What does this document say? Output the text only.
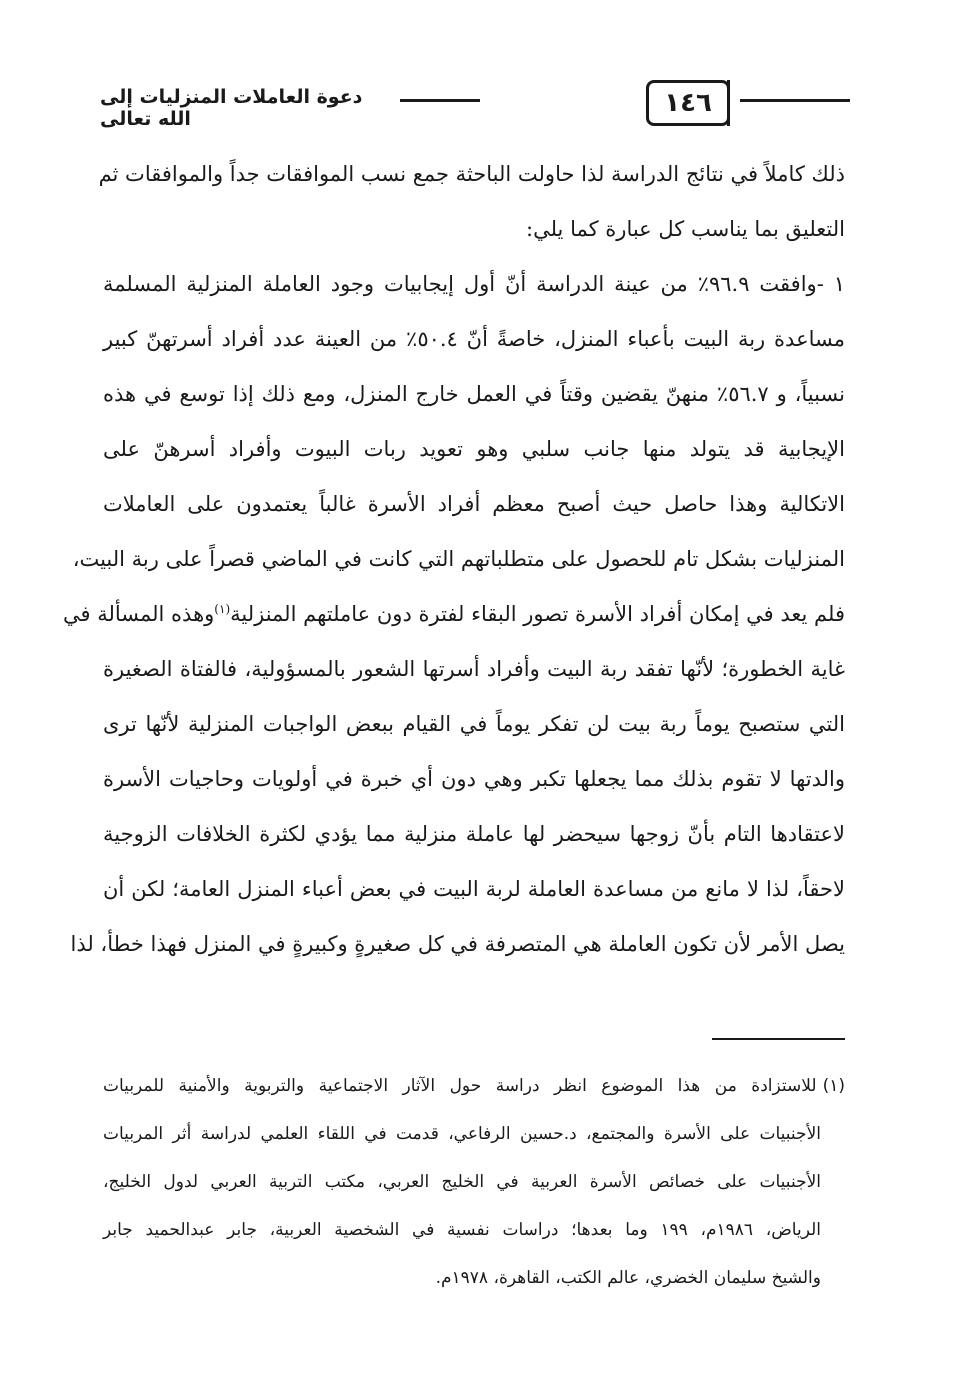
١٤٦
دعوة العاملات المنزليات إلى الله تعالى
ذلك كاملاً في نتائج الدراسة لذا حاولت الباحثة جمع نسب الموافقات جداً والموافقات ثم
التعليق بما يناسب كل عبارة كما يلي:
١ -وافقت ٩٦.٩٪ من عينة الدراسة أنّ أول إيجابيات وجود العاملة المنزلية المسلمة
مساعدة ربة البيت بأعباء المنزل، خاصةً أنّ ٥٠.٤٪ من العينة عدد أفراد أسرتهنّ كبير
نسبياً، و ٥٦.٧٪ منهنّ يقضين وقتاً في العمل خارج المنزل، ومع ذلك إذا توسع في هذه
الإيجابية قد يتولد منها جانب سلبي وهو تعويد ربات البيوت وأفراد أسرهنّ على
الاتكالية وهذا حاصل حيث أصبح معظم أفراد الأسرة غالباً يعتمدون على العاملات
المنزليات بشكل تام للحصول على متطلباتهم التي كانت في الماضي قصراً على ربة البيت،
فلم يعد في إمكان أفراد الأسرة تصور البقاء لفترة دون عاملتهم المنزلية$^{(١)}$وهذه المسألة في
غاية الخطورة؛ لأنّها تفقد ربة البيت وأفراد أسرتها الشعور بالمسؤولية، فالفتاة الصغيرة
التي ستصبح يوماً ربة بيت لن تفكر يوماً في القيام ببعض الواجبات المنزلية لأنّها ترى
والدتها لا تقوم بذلك مما يجعلها تكبر وهي دون أي خبرة في أولويات وحاجيات الأسرة
لاعتقادها التام بأنّ زوجها سيحضر لها عاملة منزلية مما يؤدي لكثرة الخلافات الزوجية
لاحقاً، لذا لا مانع من مساعدة العاملة لربة البيت في بعض أعباء المنزل العامة؛ لكن أن
يصل الأمر لأن تكون العاملة هي المتصرفة في كل صغيرةٍ وكبيرةٍ في المنزل فهذا خطأ، لذا
(١)للاستزادة من هذا الموضوع انظر دراسة حول الآثار الاجتماعية والتربوية والأمنية للمربيات
الأجنبيات على الأسرة والمجتمع، د.حسين الرفاعي، قدمت في اللقاء العلمي لدراسة أثر المربيات
الأجنبيات على خصائص الأسرة العربية في الخليج العربي، مكتب التربية العربي لدول الخليج،
الرياض، ١٩٨٦م، ١٩٩ وما بعدها؛ دراسات نفسية في الشخصية العربية، جابر عبدالحميد جابر
والشيخ سليمان الخضري، عالم الكتب، القاهرة، ١٩٧٨م.
